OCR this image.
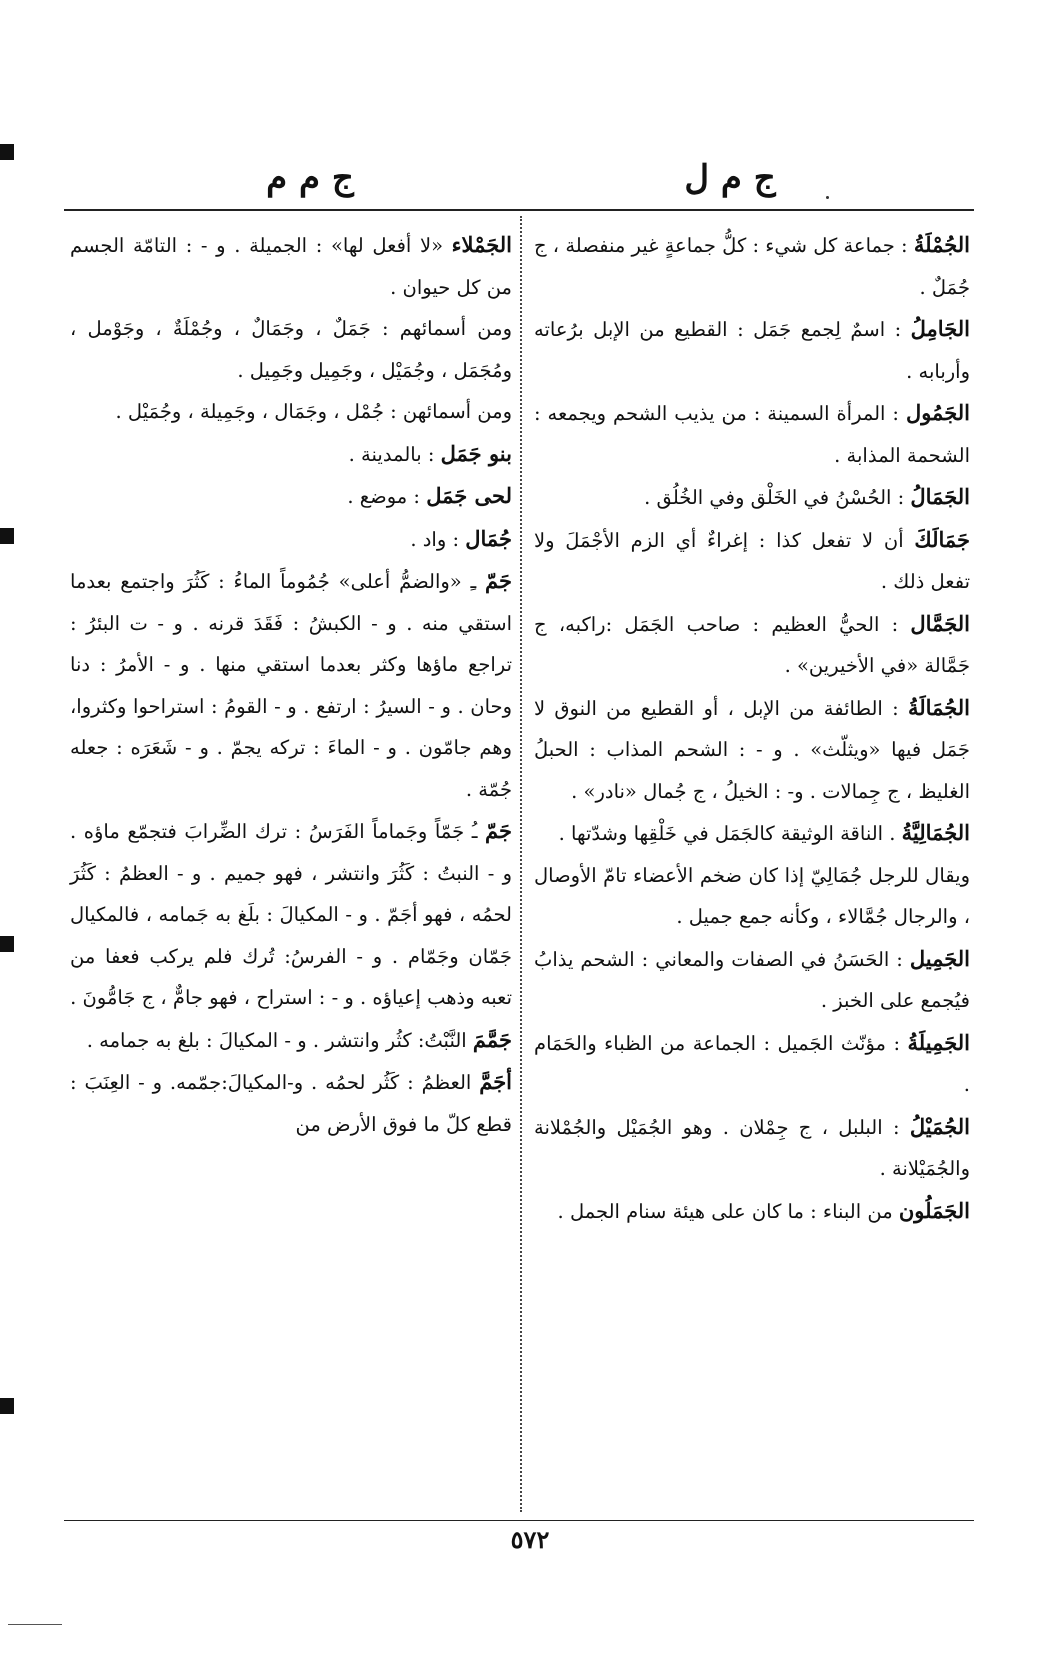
ج م ل
ج م م

الجُمْلَةُ : جماعة كل شيء : كلُّ جماعةٍ غير منفصلة ، ج جُمَلٌ .

الجَامِلُ : اسمٌ لِجمع جَمَل : القطيع من الإبل برُعاته وأربابه .

الجَمُول : المرأة السمينة : من يذيب الشحم ويجمعه : الشحمة المذابة .

الجَمَالُ : الحُسْنُ في الخَلْق وفي الخُلُق .

جَمَالَكَ أن لا تفعل كذا : إغراءٌ أي الزم الأجْمَلَ ولا تفعل ذلك .

الجَمَّال : الحيُّ العظيم : صاحب الجَمَل :راكبه، ج جَمَّالة «في الأخيرين» .

الجُمَالَةُ : الطائفة من الإبل ، أو القطيع من النوق لا جَمَل فيها «ويثلّث» . و - : الشحم المذاب : الحبلُ الغليظ ، ج جِمالات . و- : الخيلُ ، ج جُمال «نادر» .

الجُمَالِيَّةُ . الناقة الوثيقة كالجَمَل في خَلْقِها وشدّتها .

ويقال للرجل جُمَالِيّ إذا كان ضخم الأعضاء تامّ الأوصال ، والرجال جُمَّالاء ، وكأنه جمع جميل .

الجَمِيل : الحَسَنُ في الصفات والمعاني : الشحم يذابُ فيُجمع على الخبز .

الجَمِيلَةُ : مؤنّث الجَميل : الجماعة من الظباء والحَمَام .

الجُمَيْلُ : البلبل ، ج جِمْلان . وهو الجُمَيْل والجُمْلانة والجُمَيْلانة .

الجَمَلُون من البناء : ما كان على هيئة سنام الجمل .

الجَمْلاء «لا أفعل لها» : الجميلة . و - : التامّة الجسم من كل حيوان .

ومن أسمائهم : جَمَلٌ ، وجَمَالٌ ، وجُمْلَةٌ ، وجَوْمل ، ومُجَمَل ، وجُمَيْل ، وجَمِيل وجَمِيل .

ومن أسمائهن : جُمْل ، وجَمَال ، وجَمِيلة ، وجُمَيْل .

بنو جَمَل : بالمدينة .

لحى جَمَل : موضع .

جُمَال : واد .

جَمّ ـِ «والضمُّ أعلى» جُمُوماً الماءُ : كَثُرَ واجتمع بعدما استقي منه . و - الكبشُ : فَقَدَ قرنه . و - ت البئرُ : تراجع ماؤها وكثر بعدما استقي منها . و - الأمرُ : دنا وحان . و - السيرُ : ارتفع . و - القومُ : استراحوا وكثروا، وهم جامّون . و - الماءَ : تركه يجمّ . و - شَعَرَه : جعله جُمّة .

جَمّ ـُ جَمّاً وجَماماً الفَرَسُ : ترك الضِّرابَ فتجمّع ماؤه . و - النبتُ : كَثُرَ وانتشر ، فهو جميم . و - العظمُ : كَثُرَ لحمُه ، فهو أجَمّ . و - المكيالَ : بلَغ به جَمامه ، فالمكيال جَمّان وجَمّام . و - الفرسُ: تُرك فلم يركب فعفا من تعبه وذهب إعياؤه . و - : استراح ، فهو جامٌّ ، ج جَامُّونَ .

جَمَّمَ النَّبْتُ: كثُر وانتشر . و - المكيالَ : بلغ به جمامه .

أجَمَّ العظمُ : كَثُر لحمُه . و-المكيالَ:جمّمه. و - العِنَبَ : قطع كلّ ما فوق الأرض من

٥٧٢
